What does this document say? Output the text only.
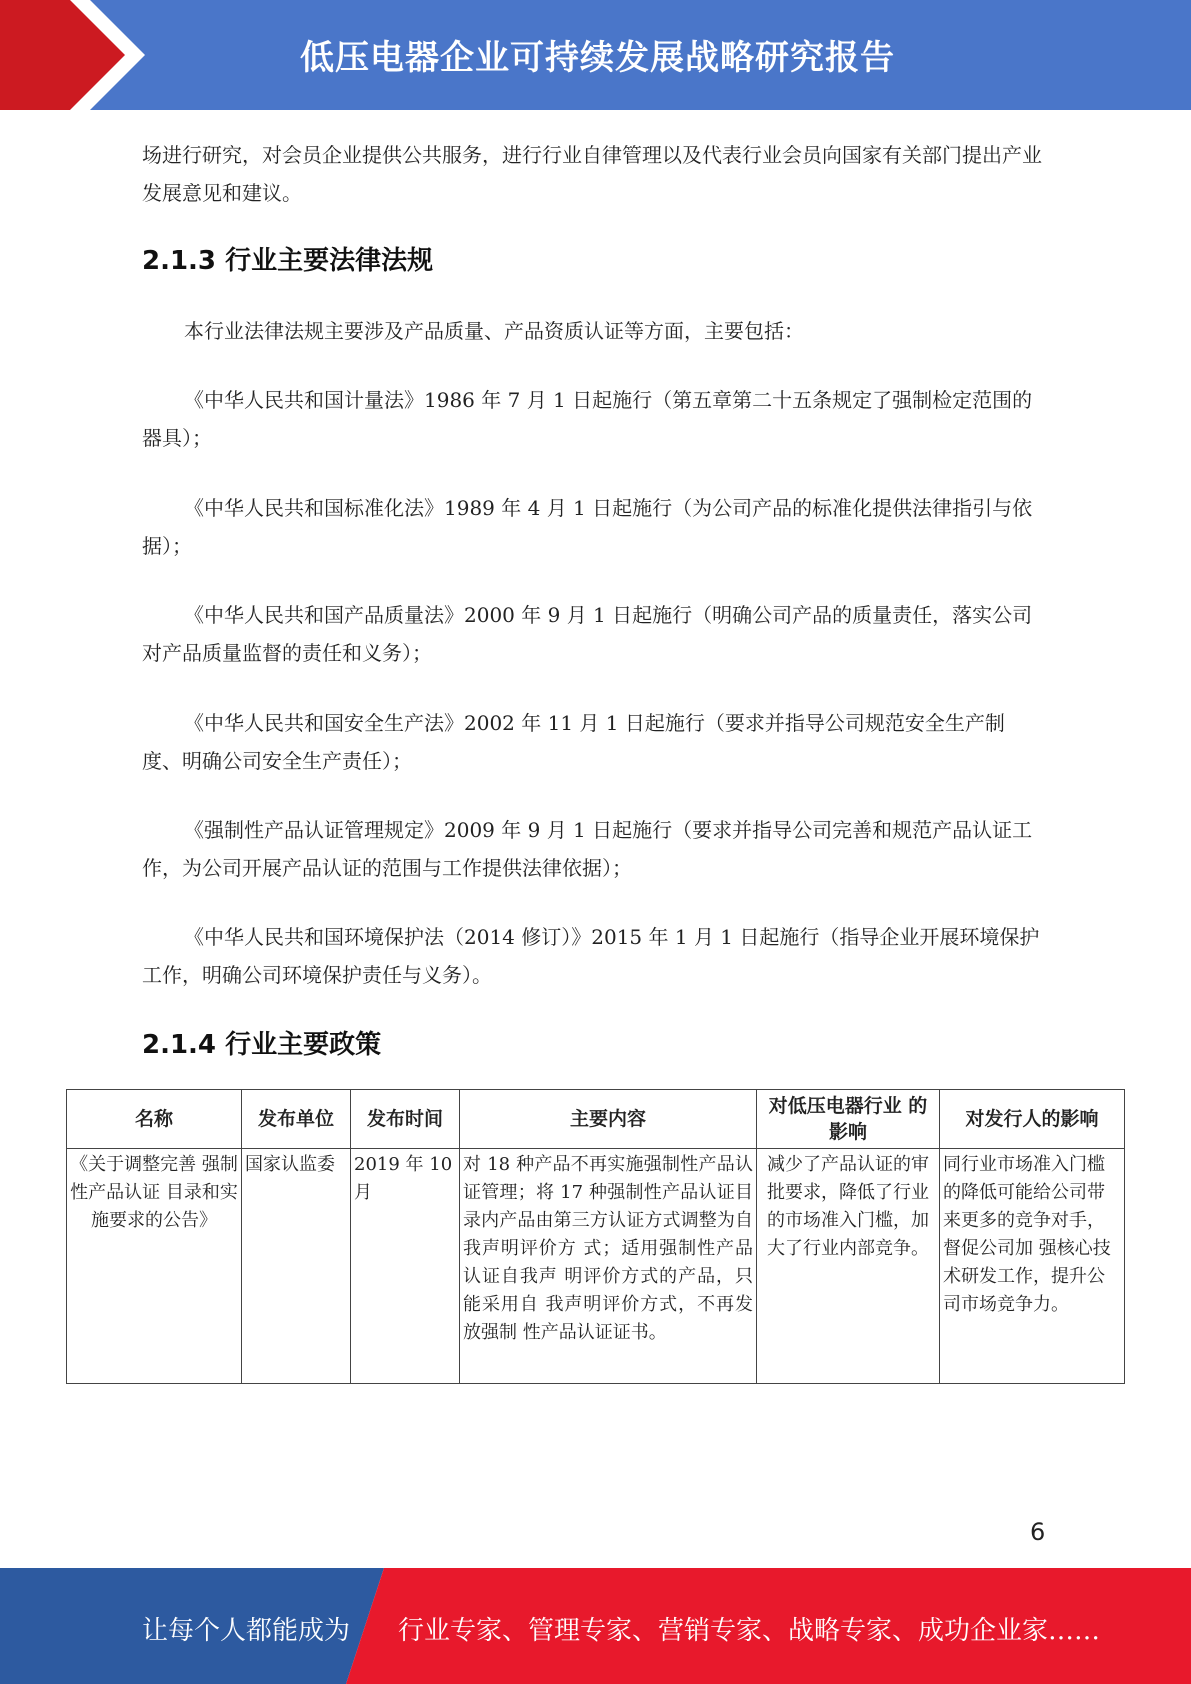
低压电器企业可持续发展战略研究报告

场进行研究，对会员企业提供公共服务，进行行业自律管理以及代表行业会员向国家有关部门提出产业发展意见和建议。

2.1.3 行业主要法律法规

本行业法律法规主要涉及产品质量、产品资质认证等方面，主要包括：

《中华人民共和国计量法》1986 年 7 月 1 日起施行（第五章第二十五条规定了强制检定范围的器具）；

《中华人民共和国标准化法》1989 年 4 月 1 日起施行（为公司产品的标准化提供法律指引与依据）；

《中华人民共和国产品质量法》2000 年 9 月 1 日起施行（明确公司产品的质量责任，落实公司对产品质量监督的责任和义务）；

《中华人民共和国安全生产法》2002 年 11 月 1 日起施行（要求并指导公司规范安全生产制度、明确公司安全生产责任）；

《强制性产品认证管理规定》2009 年 9 月 1 日起施行（要求并指导公司完善和规范产品认证工作，为公司开展产品认证的范围与工作提供法律依据）；

《中华人民共和国环境保护法（2014 修订）》2015 年 1 月 1 日起施行（指导企业开展环境保护工作，明确公司环境保护责任与义务）。

2.1.4 行业主要政策
名称	发布单位	发布时间	主要内容	对低压电器行业 的影响	对发行人的影响
《关于调整完善 强制性产品认证 目录和实施要求的公告》	国家认监委	2019 年 10 月	对 18 种产品不再实施强制性产品认证管理；将 17 种强制性产品认证目录内产品由第三方认证方式调整为自我声明评价方 式；适用强制性产品认证自我声 明评价方式的产品，只能采用自 我声明评价方式，不再发放强制 性产品认证证书。	减少了产品认证的审批要求，降低了行业的市场准入门槛，加大了行业内部竞争。	同行业市场准入门槛的降低可能给公司带来更多的竞争对手，督促公司加 强核心技术研发工作，提升公司市场竞争力。
6
让每个人都能成为 行业专家、管理专家、营销专家、战略专家、成功企业家……
